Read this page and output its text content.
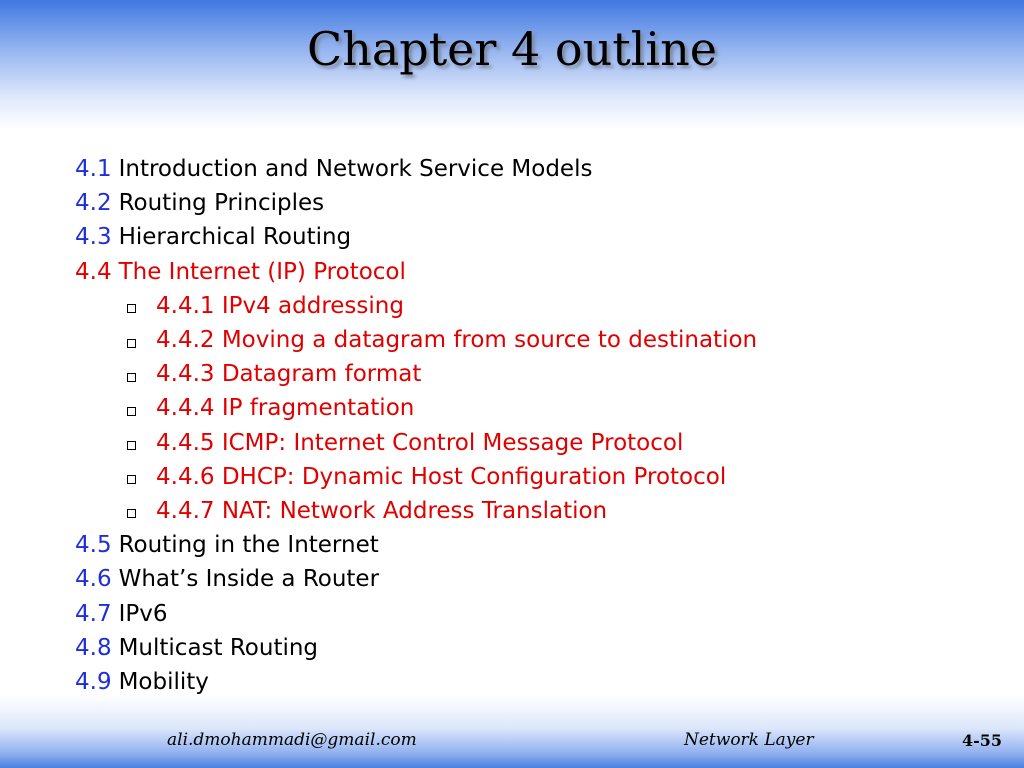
Chapter 4 outline
4.1 Introduction and Network Service Models
4.2 Routing Principles
4.3 Hierarchical Routing
4.4 The Internet (IP) Protocol
4.4.1 IPv4 addressing
4.4.2 Moving a datagram from source to destination
4.4.3 Datagram format
4.4.4 IP fragmentation
4.4.5 ICMP: Internet Control Message Protocol
4.4.6 DHCP: Dynamic Host Configuration Protocol
4.4.7 NAT: Network Address Translation
4.5 Routing in the Internet
4.6 What’s Inside a Router
4.7 IPv6
4.8 Multicast Routing
4.9 Mobility
ali.dmohammadi@gmail.com	Network Layer	4-55
